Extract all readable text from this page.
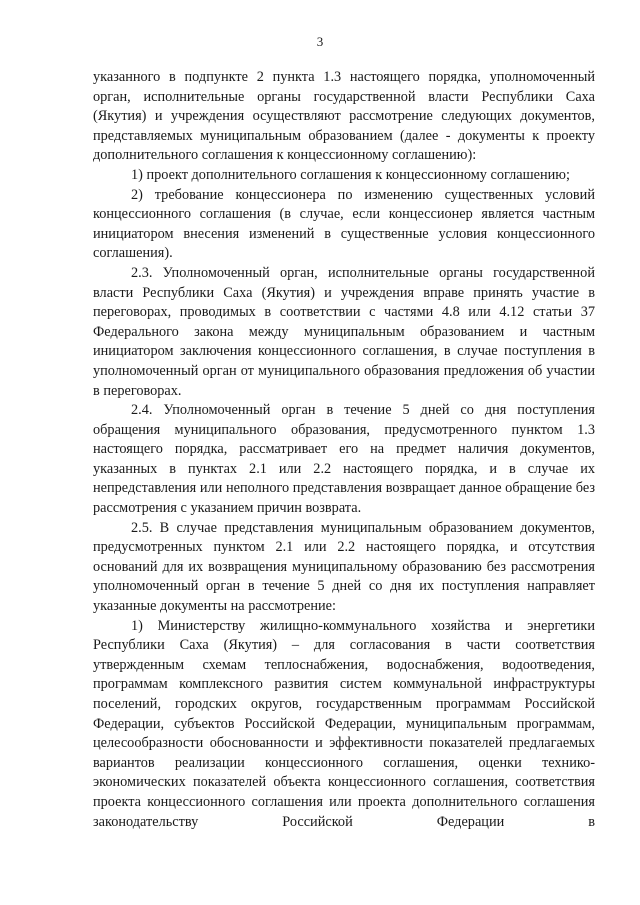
3

указанного в подпункте 2 пункта 1.3 настоящего порядка, уполномоченный орган, исполнительные органы государственной власти Республики Саха (Якутия) и учреждения осуществляют рассмотрение следующих документов, представляемых муниципальным образованием (далее - документы к проекту дополнительного соглашения к концессионному соглашению):

1) проект дополнительного соглашения к концессионному соглашению;

2) требование концессионера по изменению существенных условий концессионного соглашения (в случае, если концессионер является частным инициатором внесения изменений в существенные условия концессионного соглашения).

2.3. Уполномоченный орган, исполнительные органы государственной власти Республики Саха (Якутия) и учреждения вправе принять участие в переговорах, проводимых в соответствии с частями 4.8 или 4.12 статьи 37 Федерального закона между муниципальным образованием и частным инициатором заключения концессионного соглашения, в случае поступления в уполномоченный орган от муниципального образования предложения об участии в переговорах.

2.4. Уполномоченный орган в течение 5 дней со дня поступления обращения муниципального образования, предусмотренного пунктом 1.3 настоящего порядка, рассматривает его на предмет наличия документов, указанных в пунктах 2.1 или 2.2 настоящего порядка, и в случае их непредставления или неполного представления возвращает данное обращение без рассмотрения с указанием причин возврата.

2.5. В случае представления муниципальным образованием документов, предусмотренных пунктом 2.1 или 2.2 настоящего порядка, и отсутствия оснований для их возвращения муниципальному образованию без рассмотрения уполномоченный орган в течение 5 дней со дня их поступления направляет указанные документы на рассмотрение:

1) Министерству жилищно-коммунального хозяйства и энергетики Республики Саха (Якутия) – для согласования в части соответствия утвержденным схемам теплоснабжения, водоснабжения, водоотведения, программам комплексного развития систем коммунальной инфраструктуры поселений, городских округов, государственным программам Российской Федерации, субъектов Российской Федерации, муниципальным программам, целесообразности обоснованности и эффективности показателей предлагаемых вариантов реализации концессионного соглашения, оценки технико-экономических показателей объекта концессионного соглашения, соответствия проекта концессионного соглашения или проекта дополнительного соглашения законодательству Российской Федерации в
